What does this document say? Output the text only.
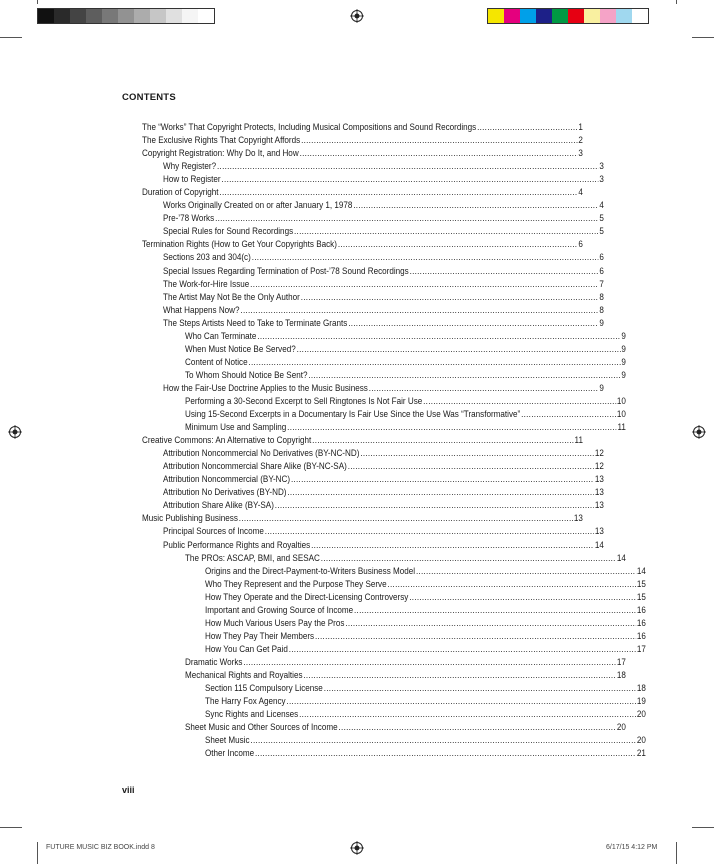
CONTENTS
The “Works” That Copyright Protects, Including Musical Compositions and Sound Recordings .....	1
The Exclusive Rights That Copyright Affords .....	2
Copyright Registration: Why Do It, and How .....	3
Why Register? .....	3
How to Register .....	3
Duration of Copyright .....	4
Works Originally Created on or after January 1, 1978 .....	4
Pre-’78 Works .....	5
Special Rules for Sound Recordings .....	5
Termination Rights (How to Get Your Copyrights Back) .....	6
Sections 203 and 304(c) .....	6
Special Issues Regarding Termination of Post-’78 Sound Recordings .....	6
The Work-for-Hire Issue .....	7
The Artist May Not Be the Only Author .....	8
What Happens Now? .....	8
The Steps Artists Need to Take to Terminate Grants .....	9
Who Can Terminate .....	9
When Must Notice Be Served? .....	9
Content of Notice .....	9
To Whom Should Notice Be Sent? .....	9
How the Fair-Use Doctrine Applies to the Music Business .....	9
Performing a 30-Second Excerpt to Sell Ringtones Is Not Fair Use .....	10
Using 15-Second Excerpts in a Documentary Is Fair Use Since the Use Was “Transformative” .....	10
Minimum Use and Sampling .....	11
Creative Commons: An Alternative to Copyright .....	11
Attribution Noncommercial No Derivatives (BY-NC-ND) .....	12
Attribution Noncommercial Share Alike (BY-NC-SA) .....	12
Attribution Noncommercial (BY-NC) .....	13
Attribution No Derivatives (BY-ND) .....	13
Attribution Share Alike (BY-SA) .....	13
Music Publishing Business .....	13
Principal Sources of Income .....	13
Public Performance Rights and Royalties .....	14
The PROs: ASCAP, BMI, and SESAC .....	14
Origins and the Direct-Payment-to-Writers Business Model .....	14
Who They Represent and the Purpose They Serve .....	15
How They Operate and the Direct-Licensing Controversy .....	15
Important and Growing Source of Income .....	16
How Much Various Users Pay the Pros .....	16
How They Pay Their Members .....	16
How You Can Get Paid .....	17
Dramatic Works .....	17
Mechanical Rights and Royalties .....	18
Section 115 Compulsory License .....	18
The Harry Fox Agency .....	19
Sync Rights and Licenses .....	20
Sheet Music and Other Sources of Income .....	20
Sheet Music .....	20
Other Income .....	21
viii
FUTURE MUSIC BIZ BOOK.indd 8	6/17/15 4:12 PM
